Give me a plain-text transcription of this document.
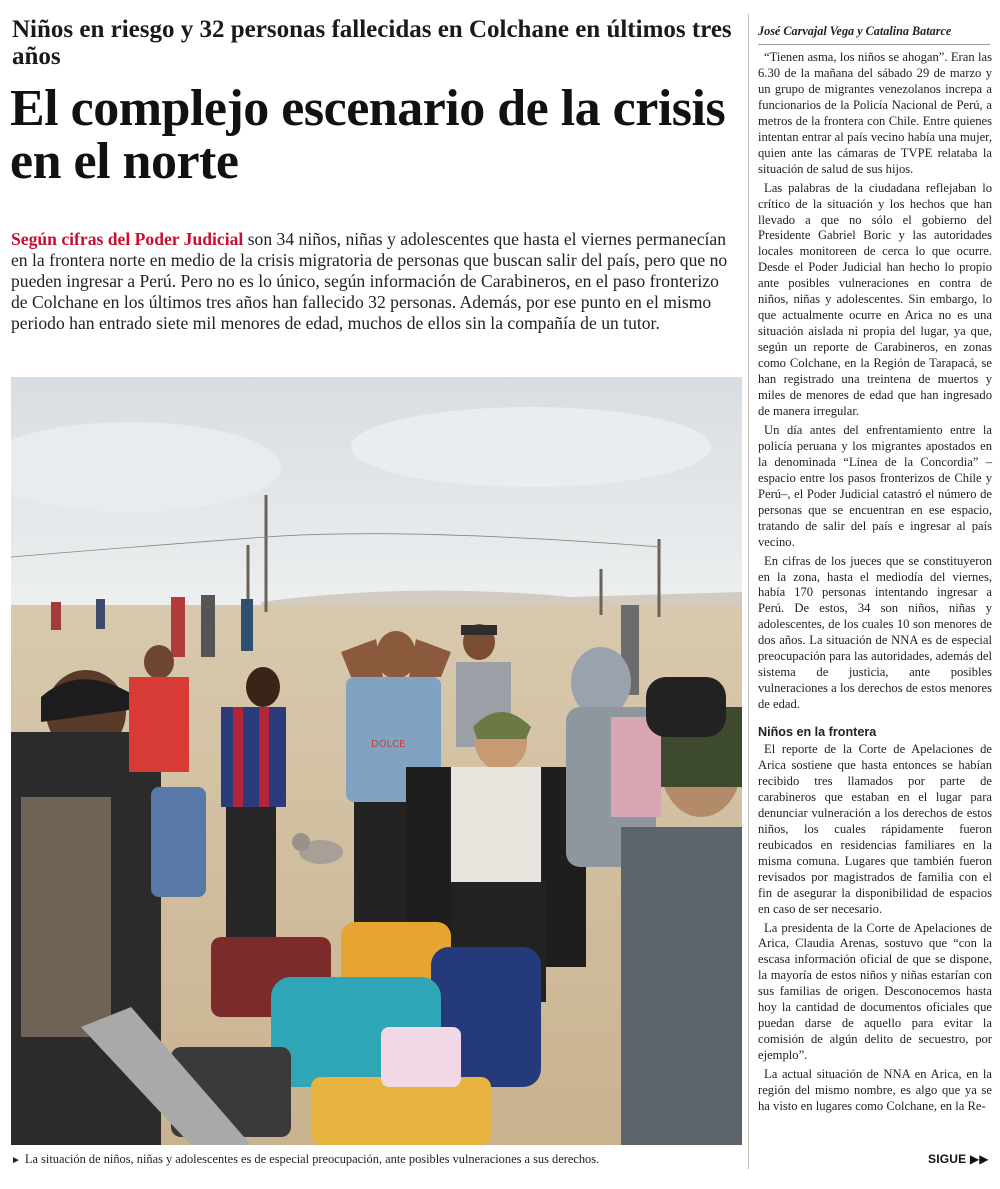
Niños en riesgo y 32 personas fallecidas en Colchane en últimos tres años
El complejo escenario de la crisis en el norte
Según cifras del Poder Judicial son 34 niños, niñas y adolescentes que hasta el viernes permanecían en la frontera norte en medio de la crisis migratoria de personas que buscan salir del país, pero que no pueden ingresar a Perú. Pero no es lo único, según información de Carabineros, en el paso fronterizo de Colchane en los últimos tres años han fallecido 32 personas. Además, por ese punto en el mismo periodo han entrado siete mil menores de edad, muchos de ellos sin la compañía de un tutor.
DOLCE
► La situación de niños, niñas y adolescentes es de especial preocupación, ante posibles vulneraciones a sus derechos.
José Carvajal Vega y Catalina Batarce

“Tienen asma, los niños se ahogan”. Eran las 6.30 de la mañana del sábado 29 de marzo y un grupo de migrantes venezolanos increpa a funcionarios de la Policía Nacional de Perú, a metros de la frontera con Chile. Entre quienes intentan entrar al país vecino había una mujer, quien ante las cámaras de TVPE relataba la situación de salud de sus hijos.

Las palabras de la ciudadana reflejaban lo crítico de la situación y los hechos que han llevado a que no sólo el gobierno del Presidente Gabriel Boric y las autoridades locales monitoreen de cerca lo que ocurre. Desde el Poder Judicial han hecho lo propio ante posibles vulneraciones en contra de niños, niñas y adolescentes. Sin embargo, lo que actualmente ocurre en Arica no es una situación aislada ni propia del lugar, ya que, según un reporte de Carabineros, en zonas como Colchane, en la Región de Tarapacá, se han registrado una treintena de muertos y miles de menores de edad que han ingresado de manera irregular.

Un día antes del enfrentamiento entre la policía peruana y los migrantes apostados en la denominada “Línea de la Concordia” –espacio entre los pasos fronterizos de Chile y Perú–, el Poder Judicial catastró el número de personas que se encuentran en ese espacio, tratando de salir del país e ingresar al país vecino.

En cifras de los jueces que se constituyeron en la zona, hasta el mediodía del viernes, había 170 personas intentando ingresar a Perú. De estos, 34 son niños, niñas y adolescentes, de los cuales 10 son menores de dos años. La situación de NNA es de especial preocupación para las autoridades, además del sistema de justicia, ante posibles vulneraciones a los derechos de estos menores de edad.

Niños en la frontera

El reporte de la Corte de Apelaciones de Arica sostiene que hasta entonces se habían recibido tres llamados por parte de carabineros que estaban en el lugar para denunciar vulneración a los derechos de estos niños, los cuales rápidamente fueron reubicados en residencias familiares en la misma comuna. Lugares que también fueron revisados por magistrados de familia con el fin de asegurar la disponibilidad de espacios en caso de ser necesario.

La presidenta de la Corte de Apelaciones de Arica, Claudia Arenas, sostuvo que “con la escasa información oficial de que se dispone, la mayoría de estos niños y niñas estarían con sus familias de origen. Desconocemos hasta hoy la cantidad de documentos oficiales que puedan darse de aquello para evitar la comisión de algún delito de secuestro, por ejemplo”.

La actual situación de NNA en Arica, en la región del mismo nombre, es algo que ya se ha visto en lugares como Colchane, en la Re-

SIGUE ▶▶
